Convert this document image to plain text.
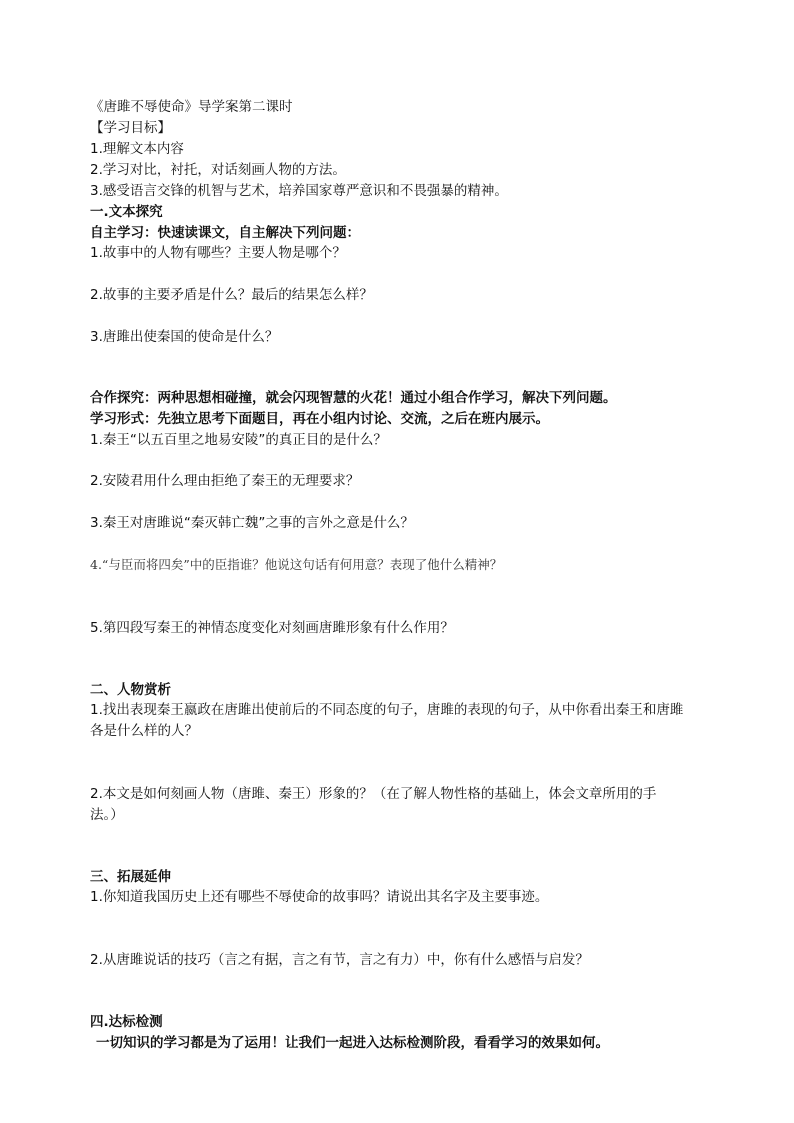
《唐雎不辱使命》导学案第二课时
【学习目标】
1.理解文本内容
2.学习对比，衬托，对话刻画人物的方法。
3.感受语言交锋的机智与艺术，培养国家尊严意识和不畏强暴的精神。
一.文本探究
自主学习：快速读课文，自主解决下列问题：
1.故事中的人物有哪些？主要人物是哪个？
2.故事的主要矛盾是什么？最后的结果怎么样？
3.唐雎出使秦国的使命是什么？
合作探究：两种思想相碰撞，就会闪现智慧的火花！通过小组合作学习，解决下列问题。
学习形式：先独立思考下面题目，再在小组内讨论、交流，之后在班内展示。
1.秦王“以五百里之地易安陵”的真正目的是什么？
2.安陵君用什么理由拒绝了秦王的无理要求？
3.秦王对唐雎说“秦灭韩亡魏”之事的言外之意是什么？
4.“与臣而将四矣”中的臣指谁？他说这句话有何用意？表现了他什么精神？
5.第四段写秦王的神情态度变化对刻画唐雎形象有什么作用？
二、人物赏析
1.找出表现秦王嬴政在唐雎出使前后的不同态度的句子，唐雎的表现的句子，从中你看出秦王和唐雎
各是什么样的人？
2.本文是如何刻画人物（唐雎、秦王）形象的？（在了解人物性格的基础上，体会文章所用的手
法。）
三、拓展延伸
1.你知道我国历史上还有哪些不辱使命的故事吗？请说出其名字及主要事迹。
2.从唐雎说话的技巧（言之有据，言之有节，言之有力）中，你有什么感悟与启发？
四.达标检测
一切知识的学习都是为了运用！让我们一起进入达标检测阶段，看看学习的效果如何。
